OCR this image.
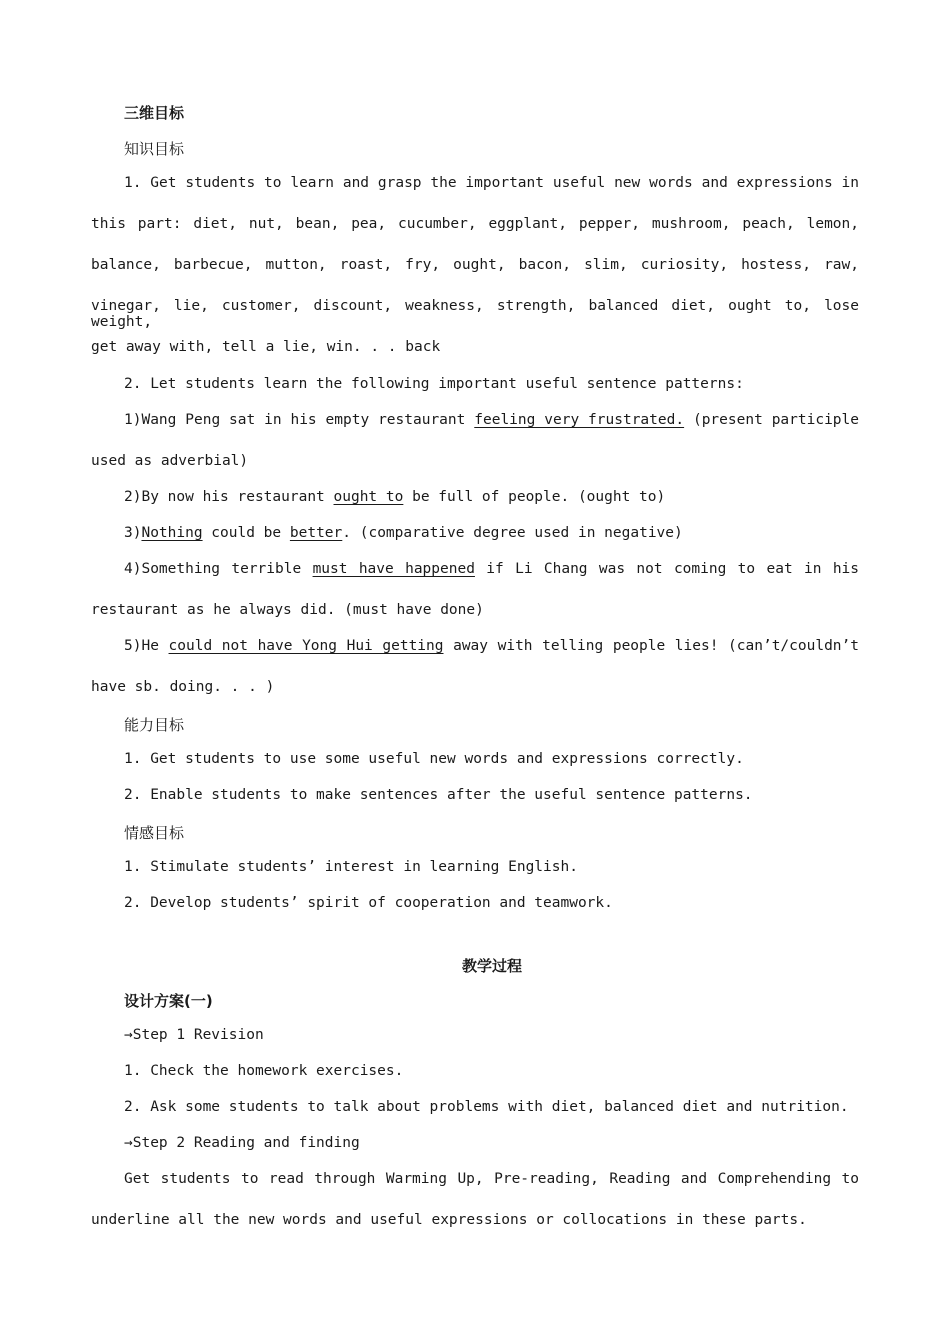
三维目标
知识目标
1. Get students to learn and grasp the important useful new words and expressions in
this part: diet, nut, bean, pea, cucumber, eggplant, pepper, mushroom, peach, lemon,
balance, barbecue, mutton, roast, fry, ought, bacon, slim, curiosity, hostess, raw,
vinegar, lie, customer, discount, weakness, strength, balanced diet, ought to, lose weight,
get away with, tell a lie, win. . . back
2. Let students learn the following important useful sentence patterns:
1)Wang Peng sat in his empty restaurant feeling very frustrated. (present participle
used as adverbial)
2)By now his restaurant ought to be full of people. (ought to)
3)Nothing could be better. (comparative degree used in negative)
4)Something terrible must have happened if Li Chang was not coming to eat in his
restaurant as he always did. (must have done)
5)He could not have Yong Hui getting away with telling people lies! (can’t/couldn’t
have sb. doing. . . )
能力目标
1. Get students to use some useful new words and expressions correctly.
2. Enable students to make sentences after the useful sentence patterns.
情感目标
1. Stimulate students’ interest in learning English.
2. Develop students’ spirit of cooperation and teamwork.
教学过程
设计方案(一)
→Step 1 Revision
1. Check the homework exercises.
2. Ask some students to talk about problems with diet, balanced diet and nutrition.
→Step 2 Reading and finding
Get students to read through Warming Up, Pre-reading, Reading and Comprehending to
underline all the new words and useful expressions or collocations in these parts.
